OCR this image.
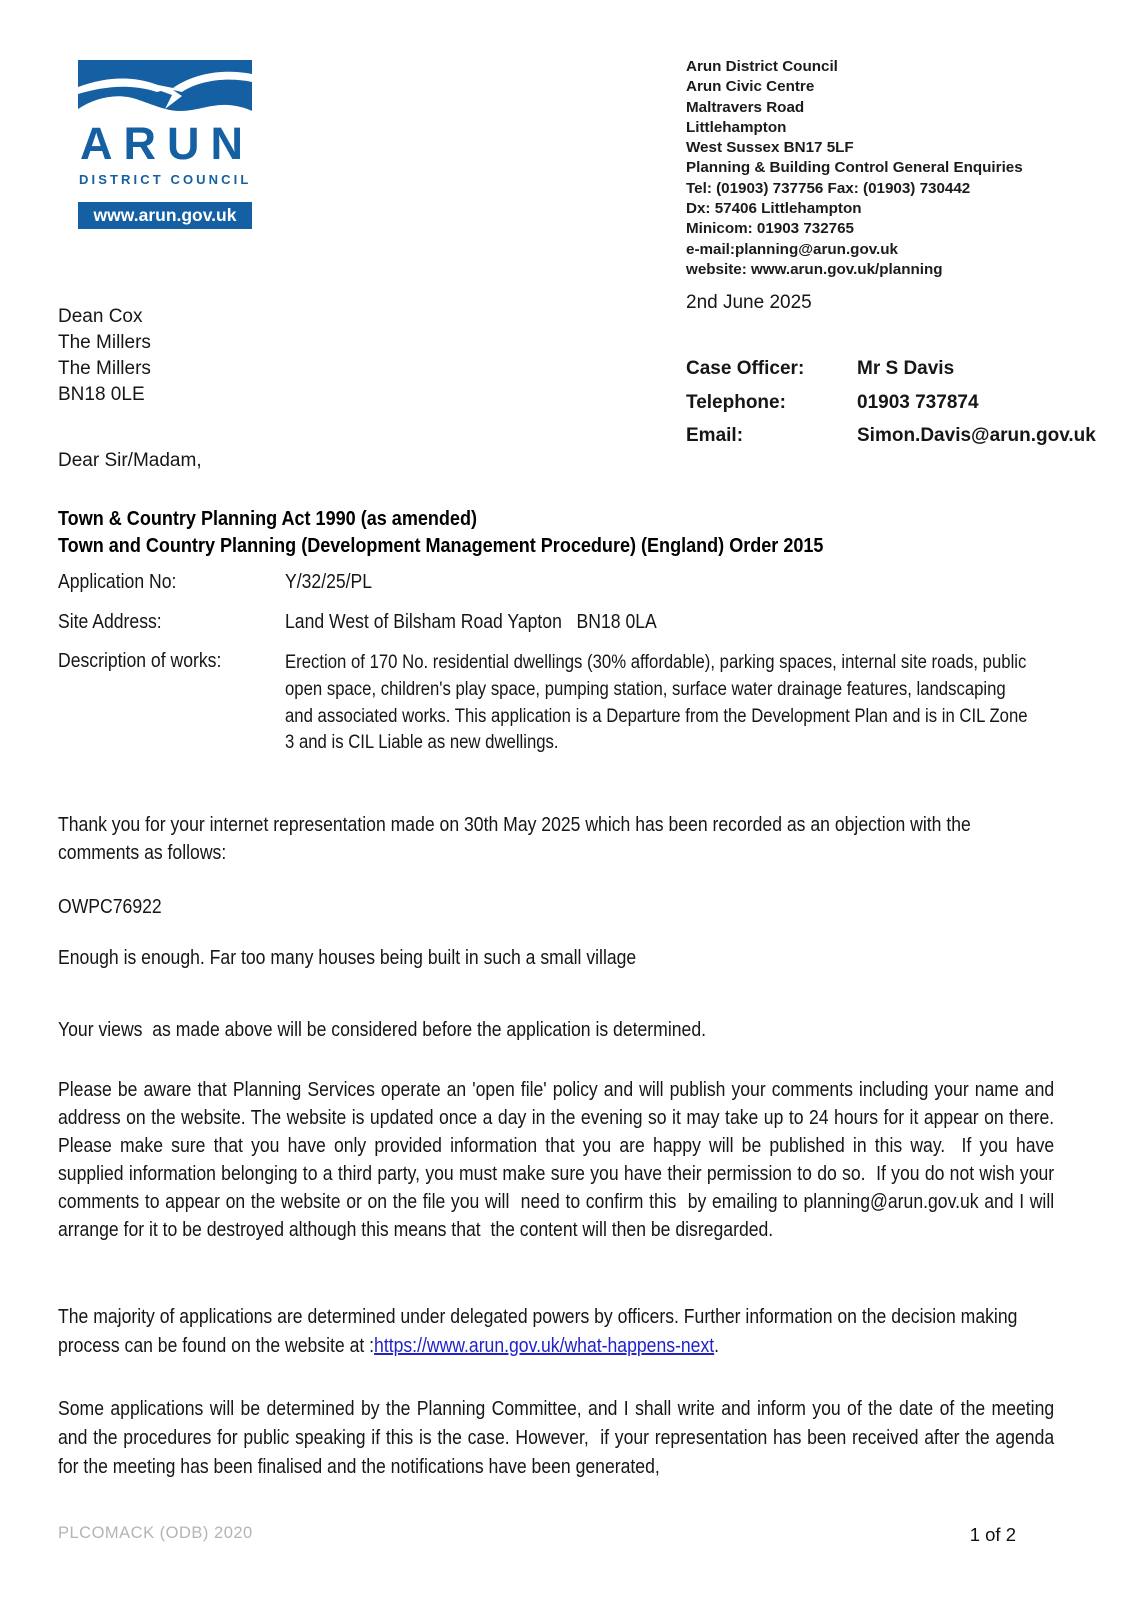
ARUN
DISTRICT COUNCIL
www.arun.gov.uk
Arun District Council
Arun Civic Centre
Maltravers Road
Littlehampton
West Sussex BN17 5LF
Planning & Building Control General Enquiries
Tel: (01903) 737756 Fax: (01903) 730442
Dx: 57406 Littlehampton
Minicom: 01903 732765
e-mail:planning@arun.gov.uk
website: www.arun.gov.uk/planning
2nd June 2025
Dean Cox
The Millers
The Millers
BN18 0LE
Case Officer:	Mr S Davis
Telephone:	01903 737874
Email:	Simon.Davis@arun.gov.uk
Dear Sir/Madam,
Town & Country Planning Act 1990 (as amended)
Town and Country Planning (Development Management Procedure) (England) Order 2015
Application No:	Y/32/25/PL
Site Address:	Land West of Bilsham Road Yapton   BN18 0LA
Description of works:	Erection of 170 No. residential dwellings (30% affordable), parking spaces, internal site roads, public open space, children's play space, pumping station, surface water drainage features, landscaping and associated works. This application is a Departure from the Development Plan and is in CIL Zone 3 and is CIL Liable as new dwellings.
Thank you for your internet representation made on 30th May 2025 which has been recorded as an objection with the comments as follows:
OWPC76922
Enough is enough. Far too many houses being built in such a small village
Your views  as made above will be considered before the application is determined.
Please be aware that Planning Services operate an 'open file' policy and will publish your comments including your name and address on the website. The website is updated once a day in the evening so it may take up to 24 hours for it appear on there. Please make sure that you have only provided information that you are happy will be published in this way.  If you have  supplied information belonging to a third party, you must make sure you have their permission to do so.  If you do not wish your comments to appear on the website or on the file you will  need to confirm this  by emailing to planning@arun.gov.uk and I will arrange for it to be destroyed although this means that  the content will then be disregarded.
The majority of applications are determined under delegated powers by officers. Further information on the decision making process can be found on the website at :https://www.arun.gov.uk/what-happens-next.
Some applications will be determined by the Planning Committee, and I shall write and inform you of the date of the meeting and the procedures for public speaking if this is the case. However,  if your representation has been received after the agenda for the meeting has been finalised and the notifications have been generated,
PLCOMACK (ODB) 2020	1 of 2
